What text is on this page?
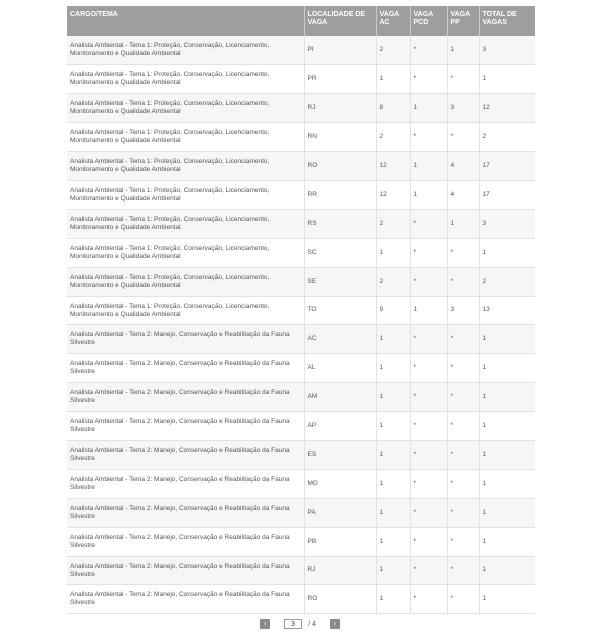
CARGO/TEMA	LOCALIDADE DE VAGA	VAGA AC	VAGA PCD	VAGA PP	TOTAL DE VAGAS
Analista Ambiental - Tema 1: Proteção, Conservação, Licenciamento, Monitoramento e Qualidade Ambiental	PI	2	*	1	3
Analista Ambiental - Tema 1: Proteção, Conservação, Licenciamento, Monitoramento e Qualidade Ambiental	PR	1	*	*	1
Analista Ambiental - Tema 1: Proteção, Conservação, Licenciamento, Monitoramento e Qualidade Ambiental	RJ	8	1	3	12
Analista Ambiental - Tema 1: Proteção, Conservação, Licenciamento, Monitoramento e Qualidade Ambiental	RN	2	*	*	2
Analista Ambiental - Tema 1: Proteção, Conservação, Licenciamento, Monitoramento e Qualidade Ambiental	RO	12	1	4	17
Analista Ambiental - Tema 1: Proteção, Conservação, Licenciamento, Monitoramento e Qualidade Ambiental	RR	12	1	4	17
Analista Ambiental - Tema 1: Proteção, Conservação, Licenciamento, Monitoramento e Qualidade Ambiental	RS	2	*	1	3
Analista Ambiental - Tema 1: Proteção, Conservação, Licenciamento, Monitoramento e Qualidade Ambiental	SC	1	*	*	1
Analista Ambiental - Tema 1: Proteção, Conservação, Licenciamento, Monitoramento e Qualidade Ambiental	SE	2	*	*	2
Analista Ambiental - Tema 1: Proteção, Conservação, Licenciamento, Monitoramento e Qualidade Ambiental	TO	9	1	3	13
Analista Ambiental - Tema 2: Manejo, Conservação e Reabilitação da Fauna Silvestre	AC	1	*	*	1
Analista Ambiental - Tema 2: Manejo, Conservação e Reabilitação da Fauna Silvestre	AL	1	*	*	1
Analista Ambiental - Tema 2: Manejo, Conservação e Reabilitação da Fauna Silvestre	AM	1	*	*	1
Analista Ambiental - Tema 2: Manejo, Conservação e Reabilitação da Fauna Silvestre	AP	1	*	*	1
Analista Ambiental - Tema 2: Manejo, Conservação e Reabilitação da Fauna Silvestre	ES	1	*	*	1
Analista Ambiental - Tema 2: Manejo, Conservação e Reabilitação da Fauna Silvestre	MG	1	*	*	1
Analista Ambiental - Tema 2: Manejo, Conservação e Reabilitação da Fauna Silvestre	PA	1	*	*	1
Analista Ambiental - Tema 2: Manejo, Conservação e Reabilitação da Fauna Silvestre	PB	1	*	*	1
Analista Ambiental - Tema 2: Manejo, Conservação e Reabilitação da Fauna Silvestre	RJ	1	*	*	1
Analista Ambiental - Tema 2: Manejo, Conservação e Reabilitação da Fauna Silvestre	RO	1	*	*	1
‹
3	/ 4	›
